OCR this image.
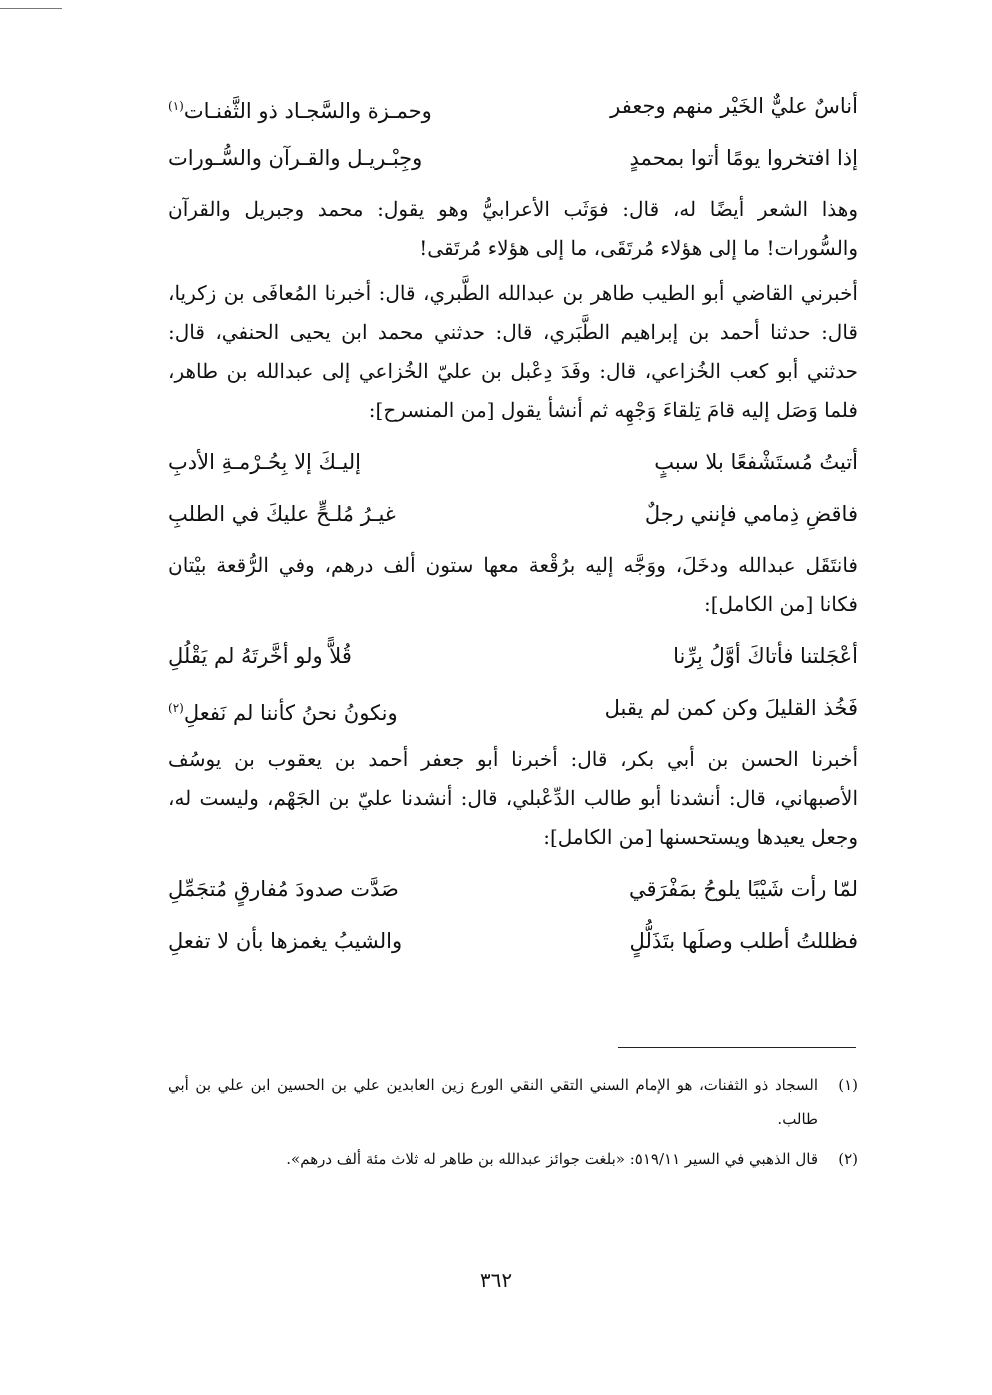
أناسٌ عليٌّ الخَيْر منهم وجعفر
وحمـزة والسَّجـاد ذو الثَّفنـات$^{(١)}$
إذا افتخروا يومًا أتوا بمحمدٍ
وجِبْـريـل والقـرآن والسُّـورات

وهذا الشعر أيضًا له، قال: فوَثَب الأعرابيُّ وهو يقول: محمد وجبريل والقرآن والسُّورات! ما إلى هؤلاء مُرتَقَى، ما إلى هؤلاء مُرتَقى!

أخبرني القاضي أبو الطيب طاهر بن عبدالله الطَّبري، قال: أخبرنا المُعافَى بن زكريا، قال: حدثنا أحمد بن إبراهيم الطَّبَري، قال: حدثني محمد ابن يحيى الحنفي، قال: حدثني أبو كعب الخُزاعي، قال: وفَدَ دِعْبل بن عليّ الخُزاعي إلى عبدالله بن طاهر، فلما وَصَل إليه قامَ تِلقاءَ وَجْهِه ثم أنشأ يقول [من المنسرح]:

أتيتُ مُستَشْفعًا بلا سببٍ
إليـكَ إلا بِحُـرْمـةِ الأدبِ
فاقضِ ذِمامي فإنني رجلٌ
غيـرُ مُلـحٍّ عليكَ في الطلبِ

فانتَقَل عبدالله ودخَلَ، ووَجَّه إليه برُقْعة معها ستون ألف درهم، وفي الرُّقعة بيْتان فكانا [من الكامل]:

أعْجَلتنا فأتاكَ أوَّلُ بِرِّنا
قُلاًّ ولو أخَّرتَهُ لم يَقْلُلِ
فَخُذ القليلَ وكن كمن لم يقبل
ونكونُ نحنُ كأننا لم نَفعلِ$^{(٢)}$

أخبرنا الحسن بن أبي بكر، قال: أخبرنا أبو جعفر أحمد بن يعقوب بن يوسُف الأصبهاني، قال: أنشدنا أبو طالب الدِّعْبلي، قال: أنشدنا عليّ بن الجَهْم، وليست له، وجعل يعيدها ويستحسنها [من الكامل]:

لمّا رأت شَيْبًا يلوحُ بمَفْرَقي
صَدَّت صدودَ مُفارقٍ مُتجَمِّلِ
فظللتُ أطلب وصلَها بتَذَلُّلٍ
والشيبُ يغمزها بأن لا تفعلِ
(١)
السجاد ذو الثفنات، هو الإمام السني التقي النقي الورع زين العابدين علي بن الحسين ابن علي بن أبي طالب.
(٢)
قال الذهبي في السير ٥١٩/١١: «بلغت جوائز عبدالله بن طاهر له ثلاث مئة ألف درهم».
٣٦٢
